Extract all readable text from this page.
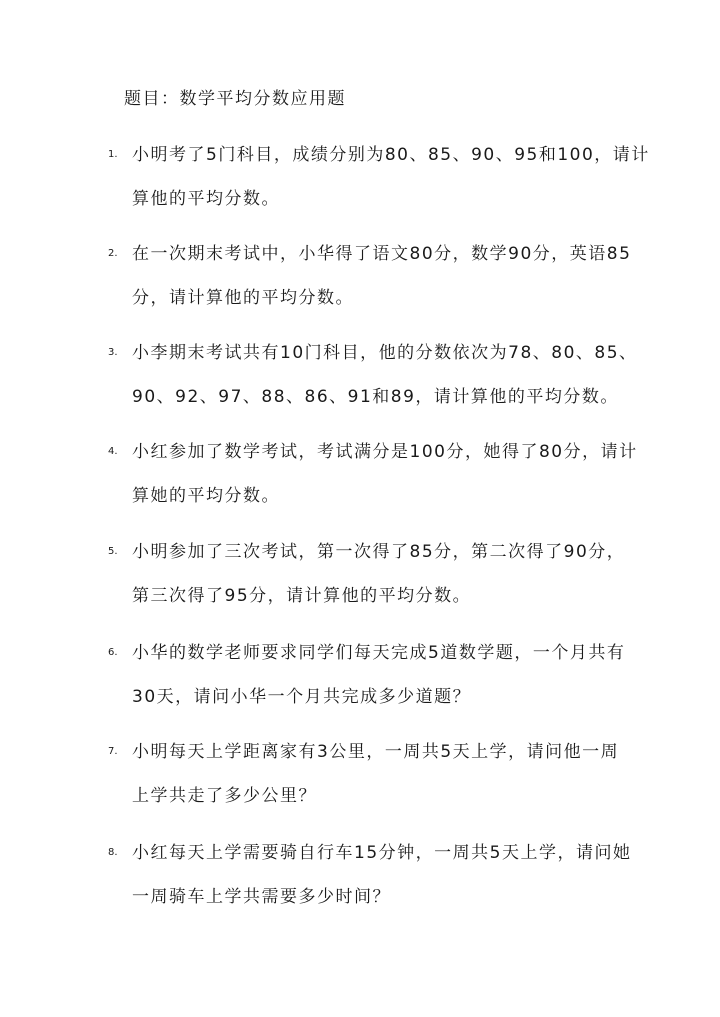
题目：数学平均分数应用题
1. 小明考了5门科目，成绩分别为80、85、90、95和100，请计
算他的平均分数。
2. 在一次期末考试中，小华得了语文80分，数学90分，英语85
分，请计算他的平均分数。
3. 小李期末考试共有10门科目，他的分数依次为78、80、85、
90、92、97、88、86、91和89，请计算他的平均分数。
4. 小红参加了数学考试，考试满分是100分，她得了80分，请计
算她的平均分数。
5. 小明参加了三次考试，第一次得了85分，第二次得了90分，
第三次得了95分，请计算他的平均分数。
6. 小华的数学老师要求同学们每天完成5道数学题，一个月共有
30天，请问小华一个月共完成多少道题？
7. 小明每天上学距离家有3公里，一周共5天上学，请问他一周
上学共走了多少公里？
8. 小红每天上学需要骑自行车15分钟，一周共5天上学，请问她
一周骑车上学共需要多少时间？
